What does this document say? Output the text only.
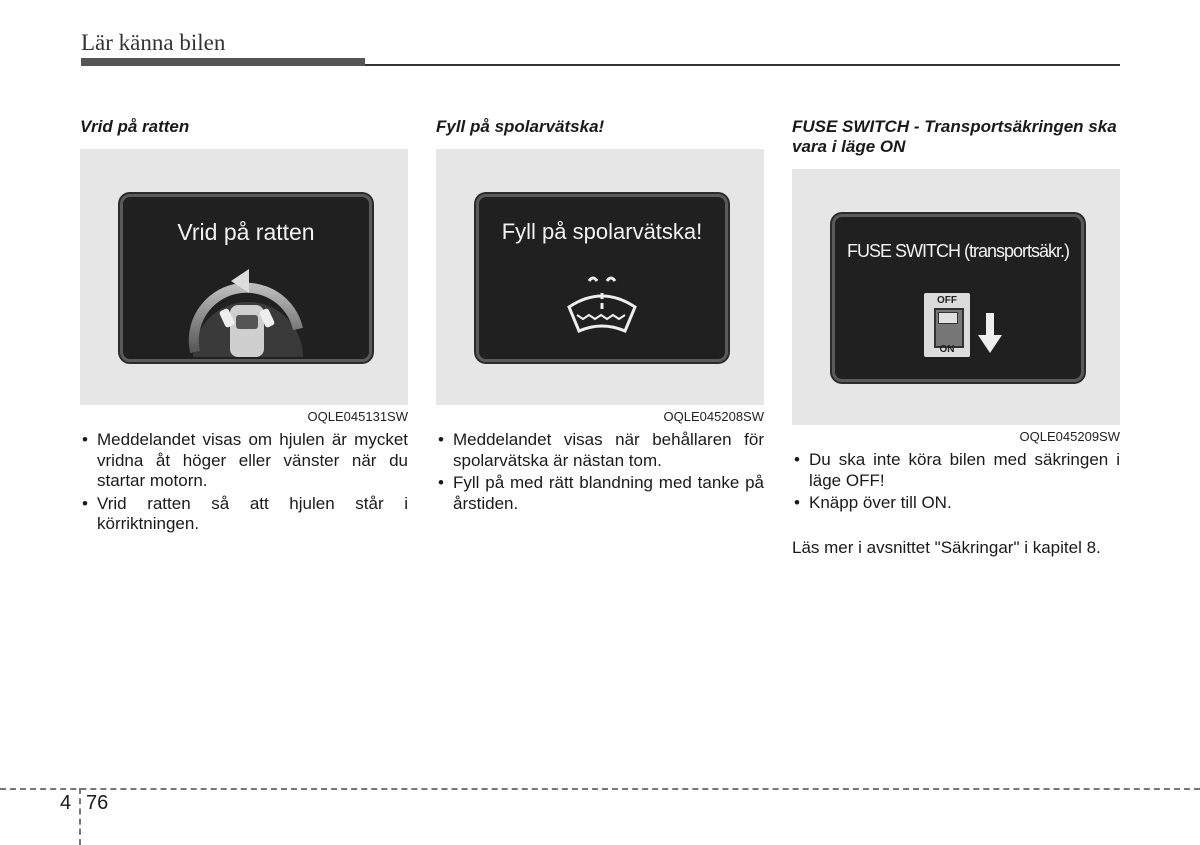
Lär känna bilen
Vrid på ratten
Vrid på ratten
OQLE045131SW
• Meddelandet visas om hjulen är mycket vridna åt höger eller vänster när du startar motorn.
• Vrid ratten så att hjulen står i körriktningen.
Fyll på spolarvätska!
Fyll på spolarvätska!
OQLE045208SW
• Meddelandet visas när behållaren för spolarvätska är nästan tom.
• Fyll på med rätt blandning med tanke på årstiden.
FUSE SWITCH - Transportsäkringen ska vara i läge ON
FUSE SWITCH (transportsäkr.)
OFF
ON
OQLE045209SW
• Du ska inte köra bilen med säkringen i läge OFF!
• Knäpp över till ON.
Läs mer i avsnittet "Säkringar" i kapitel 8.
4 76
